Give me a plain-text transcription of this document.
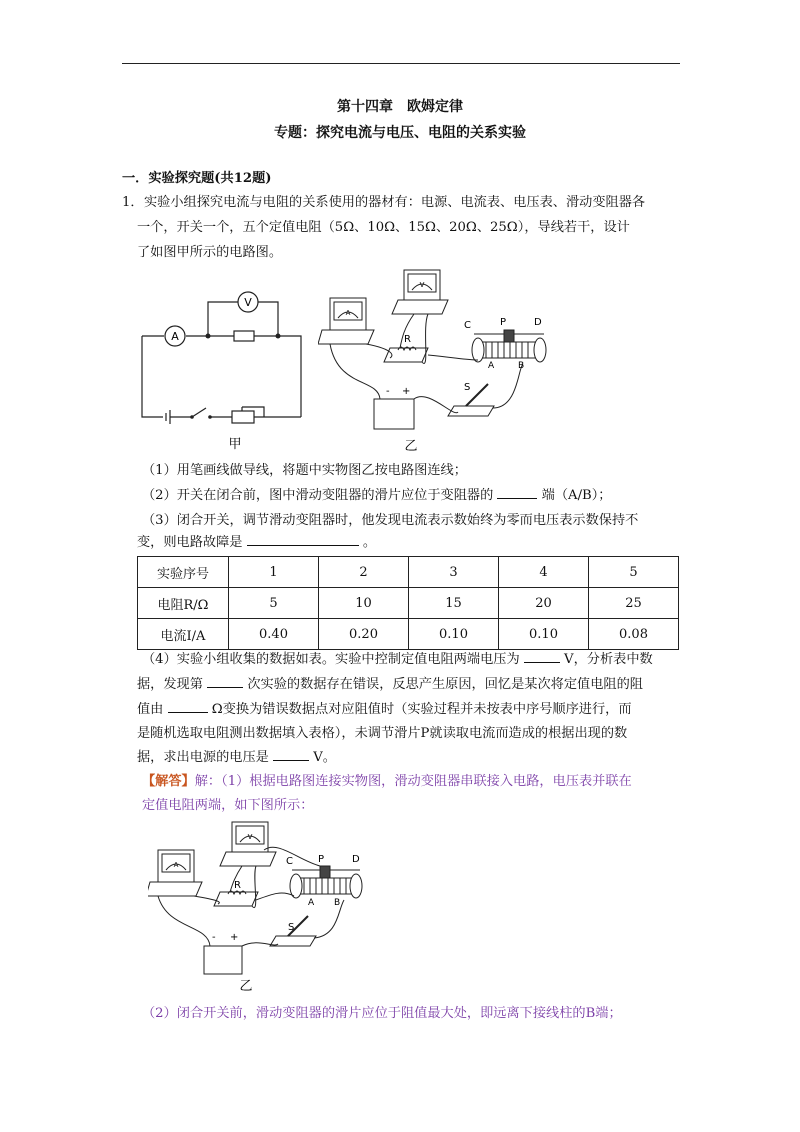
第十四章　欧姆定律
专题：探究电流与电压、电阻的关系实验
一．实验探究题(共12题)
1． 实验小组探究电流与电阻的关系使用的器材有：电源、电流表、电压表、滑动变阻器各
一个，开关一个，五个定值电阻（5Ω、10Ω、15Ω、20Ω、25Ω），导线若干，设计
了如图甲所示的电路图。
A
V
甲
A
V
R
C	P	D
A	B
- +	S
乙
（1）用笔画线做导线，将题中实物图乙按电路图连线；
（2）开关在闭合前，图中滑动变阻器的滑片应位于变阻器的	端（A/B）；
（3）闭合开关，调节滑动变阻器时，他发现电流表示数始终为零而电压表示数保持不
变，则电路故障是	。
实验序号	1	2	3	4	5
电阻R/Ω	5	10	15	20	25
电流I/A	0.40	0.20	0.10	0.10	0.08
（4）实验小组收集的数据如表。实验中控制定值电阻两端电压为	V，分析表中数
据，发现第	次实验的数据存在错误，反思产生原因，回忆是某次将定值电阻的阻
值由	Ω变换为错误数据点对应阻值时（实验过程并未按表中序号顺序进行，而
是随机选取电阻测出数据填入表格），未调节滑片P就读取电流而造成的根据出现的数
据，求出电源的电压是	V。
【解答】解：（1）根据电路图连接实物图，滑动变阻器串联接入电路，电压表并联在
定值电阻两端，如下图所示：
A
V
R
C	P	D
A B
- +
S
乙
（2）闭合开关前，滑动变阻器的滑片应位于阻值最大处，即远离下接线柱的B端；
